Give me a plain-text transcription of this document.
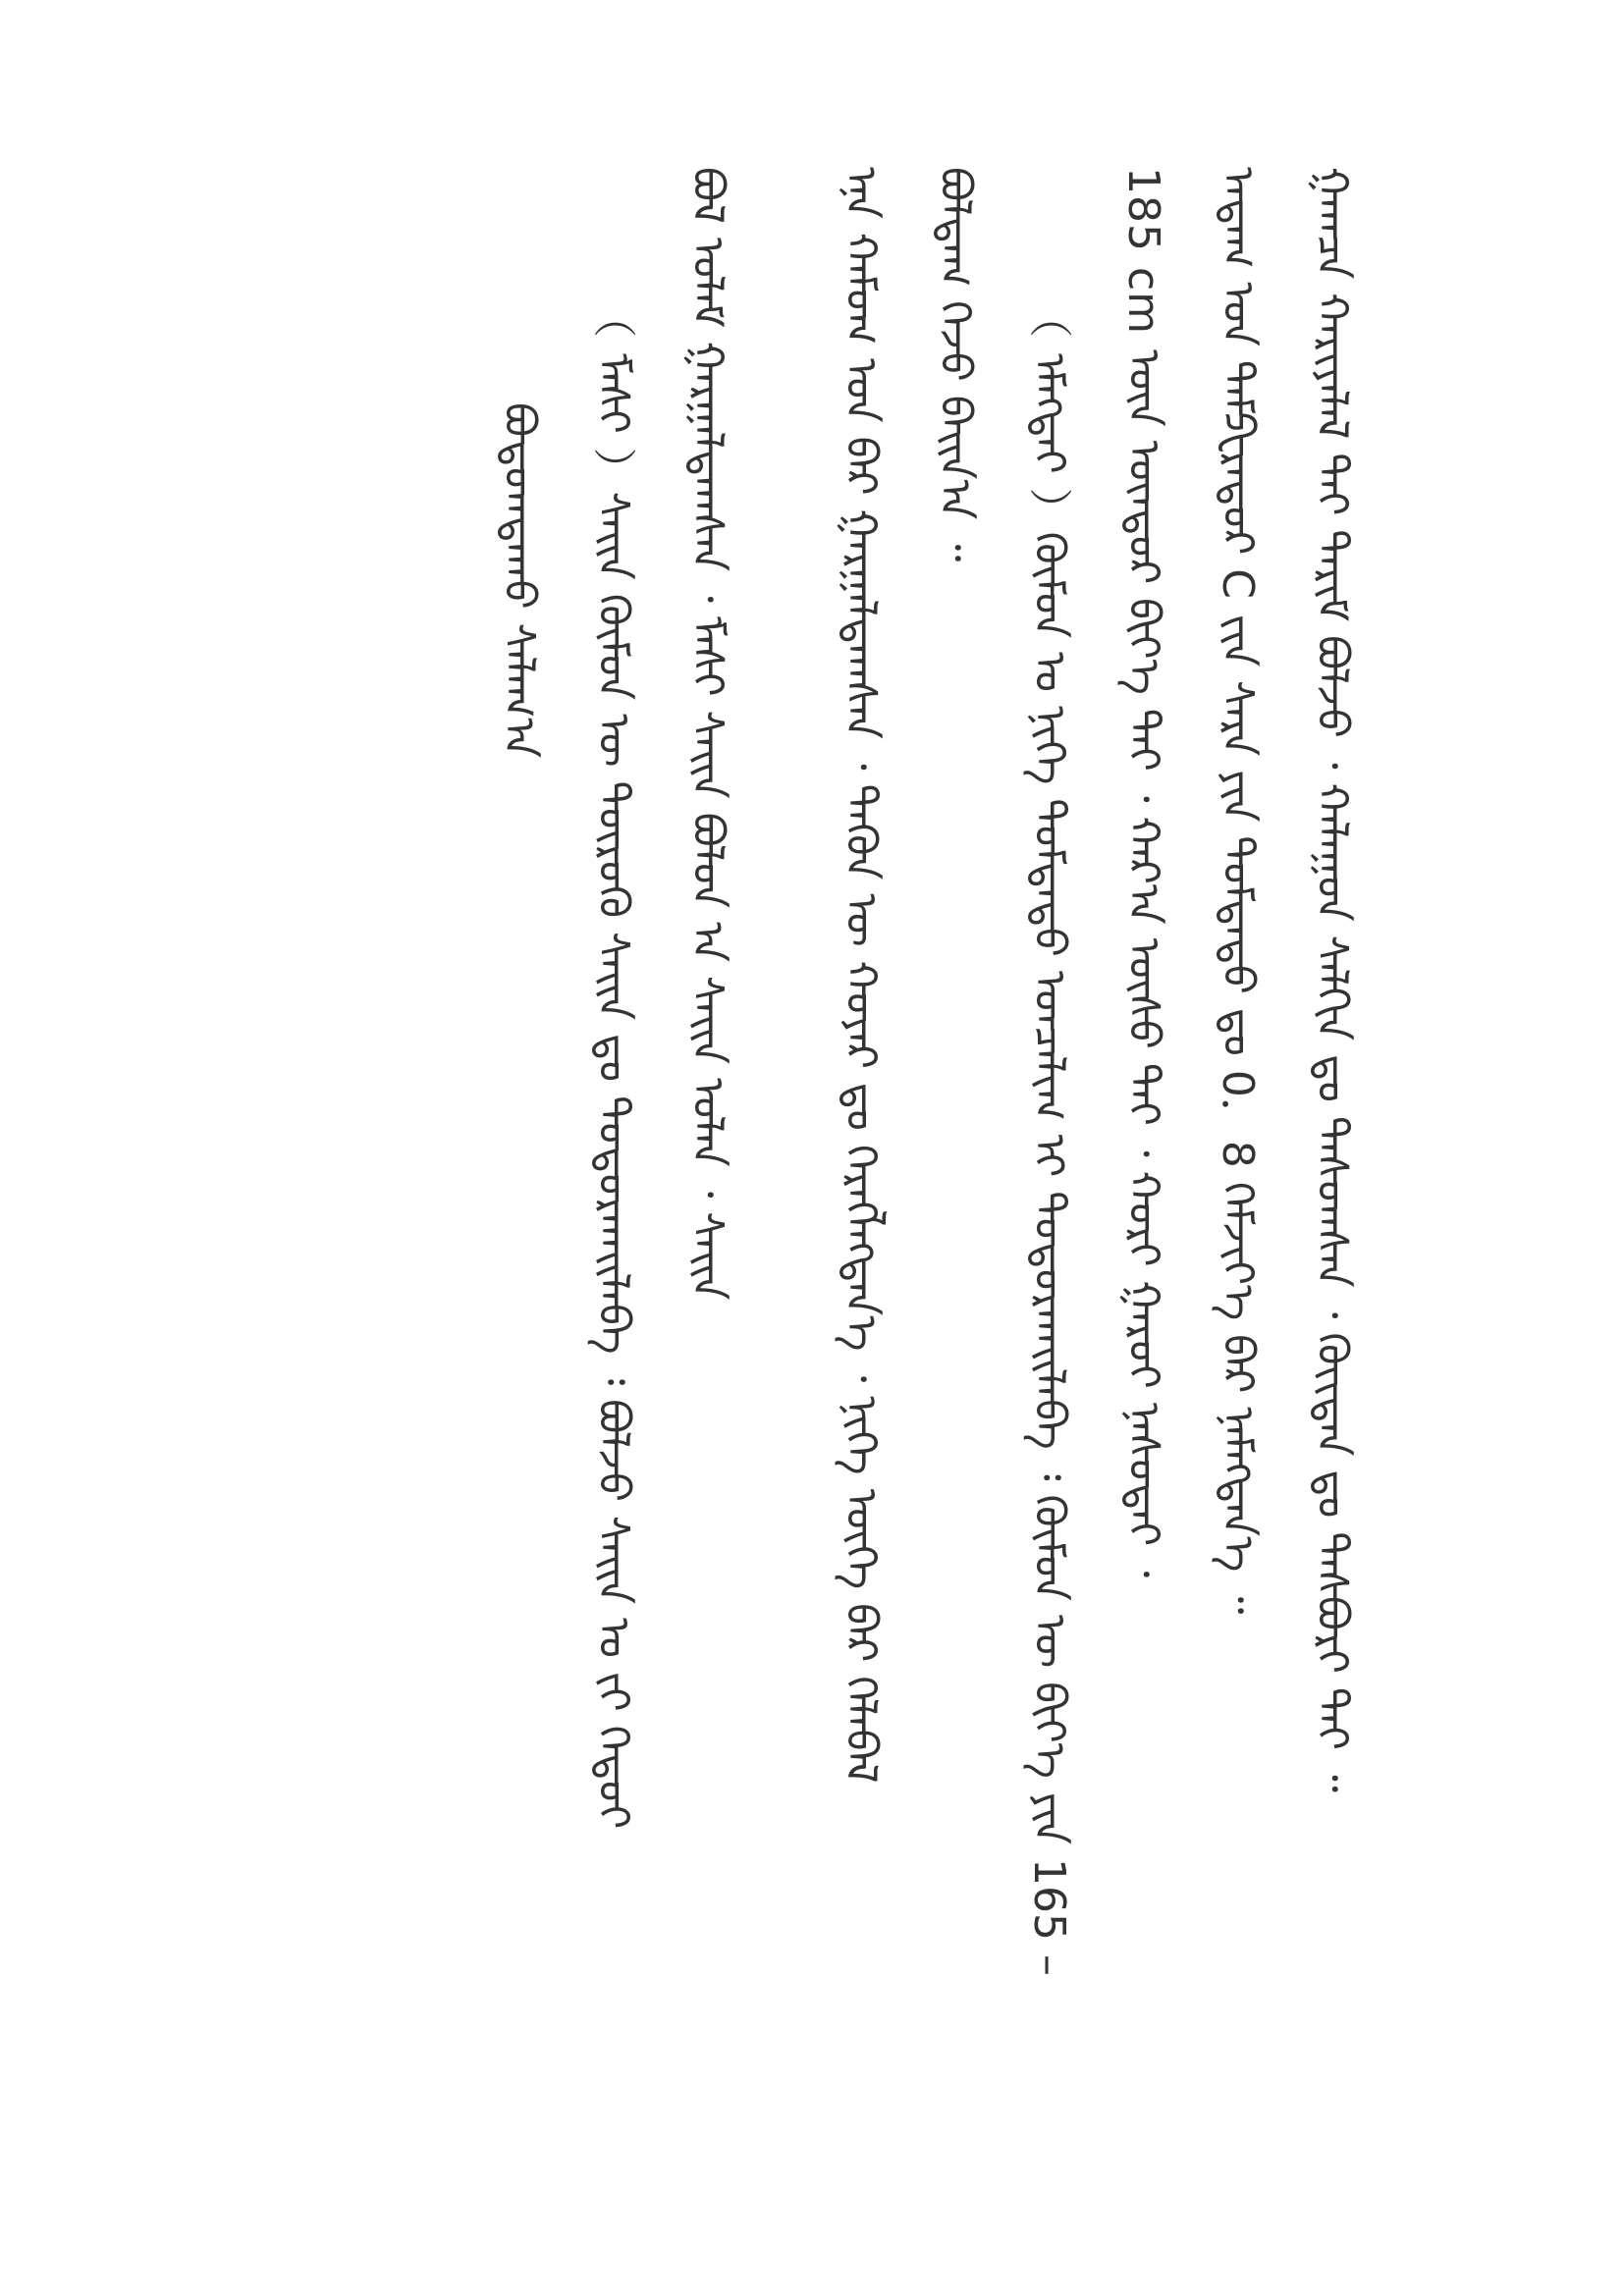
ᠭᠠᠭᠴᠠ ᠬᠠᠷᠢᠶᠠᠯᠠᠯ ᠲᠠᠢ ᠲᠠᠷᠢᠮ ᠪᠣᠯᠵᠤ ᠂ ᠬᠠᠯᠠᠭᠤᠨ ᠰᠠᠯᠬᠢᠨ ᠳᠤ ᠳᠠᠰᠤᠭᠰᠠᠨ ᠂ ᠬᠦᠢᠲᠡᠨ ᠳᠤ ᠲᠡᠰᠪᠦᠷᠢ ᠲᠠᠢ ᠃
ᠠᠳᠠᠭ ᠤᠨ ᠲᠡᠮᠫᠧᠷᠠᠲᠤᠷ C ᠵᠢᠨ ᠰᠠᠷᠠ ᠶᠢᠨ ᠳᠤᠮᠳᠠᠳᠤ ᠳᠤ 0．8 ᠬᠡᠮᠵᠢᠶ᠎ᠡ ᠪᠠᠷ ᠨᠡᠮᠡᠭᠳᠡᠨ᠎ᠡ ᠃
185 cm ᠦᠨ ᠦᠨᠳᠦᠷ ᠪᠢᠶ᠎ᠡ ᠲᠠᠢ ᠂ ᠬᠠᠷ᠎ᠠ ᠦᠰᠦ ᠲᠡᠢ ᠂ ᠬᠣᠷᠢ ᠭᠠᠷᠤᠢ ᠨᠠᠰᠤᠲᠠᠢ ᠂
（ ᠡᠮᠡᠭᠲᠡᠢ ）ᠬᠦᠮᠦᠨ ᠤ ᠨᠢᠭᠡ ᠳᠤᠮᠳᠠᠳᠤ ᠣᠨᠴᠠᠯᠢᠭ ᠢ ᠲᠣᠳᠤᠷᠬᠠᠢᠯᠠᠪᠠ ᠄ ᠬᠦᠮᠦᠨ ᠦ ᠪᠢᠶ᠎ᠡ ᠶᠢᠨ 165 –
ᠪᠣᠯᠳᠠᠭ ᠭᠡᠵᠦ ᠪᠠᠢᠨ᠎ᠠ ᠃
ᠡᠨᠡ ᠬᠠᠮᠤᠭ ᠤᠨ ᠪᠠᠷ ᠭᠠᠷᠭᠠᠯᠳᠠᠭᠰᠠᠨ ᠂ ᠲᠡᠭᠦᠨ ᠦ ᠬᠣᠶᠠᠷ ᠳᠤ ᠬᠡᠷᠡᠭᠯᠡᠭᠳᠡᠨ᠎ᠡ ᠂ ᠨᠢᠭᠡ ᠦᠭᠡ ᠪᠡᠷ ᠬᠡᠯᠡᠪᠡᠯ
ᠪᠣᠯ ᠤᠯᠠᠮ ᠭᠠᠷᠭᠠᠯᠳᠠᠭᠰᠠᠨ ᠂ ᠮᠠᠰᠢ ᠰᠠᠢᠨ ᠪᠣᠯᠣᠨ ᠠ ᠰᠠᠢᠨ ᠣᠯᠠᠨ ᠂ ᠰᠠᠢᠨ
（ ᠮᠠᠰᠢ ）ᠰᠠᠢᠨ ᠬᠦᠮᠦᠨ ᠦ ᠲᠦᠷᠦᠬᠦ ᠰᠠᠢᠨ ᠳᠤ ᠲᠣᠳᠤᠷᠬᠠᠢᠯᠠᠪᠠ ᠄ ᠪᠣᠯᠵᠤ ᠰᠠᠢᠨ ᠤ ᠵᠢ ᠬᠡᠳᠦᠢ
ᠪᠣᠳᠣᠭᠳᠠᠬᠤ ᠰᠠᠯᠠᠭ᠎ᠠ
